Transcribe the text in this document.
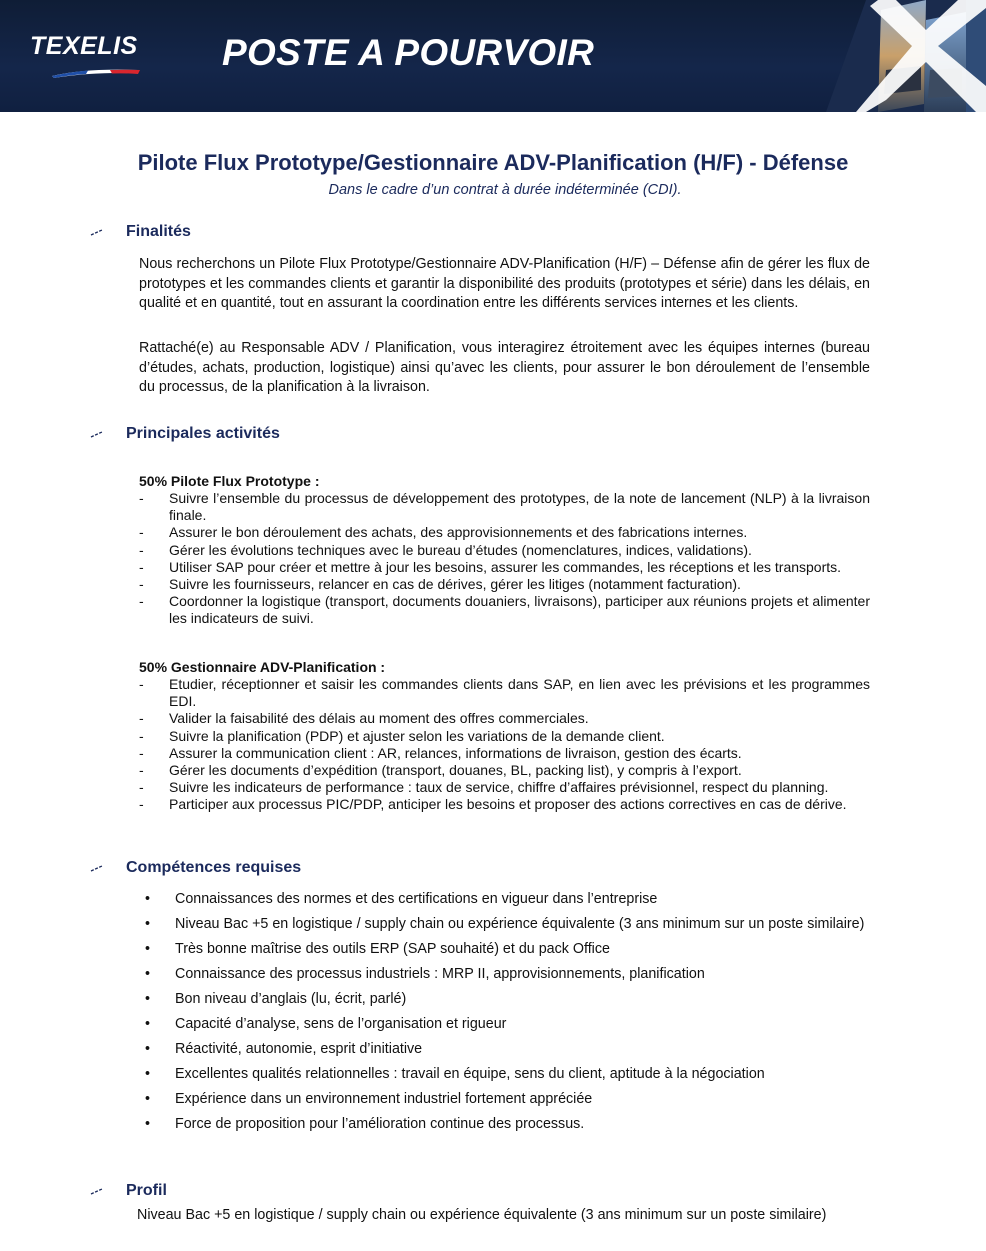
TEXELIS	POSTE A POURVOIR
Pilote Flux Prototype/Gestionnaire ADV-Planification (H/F) - Défense
Dans le cadre d’un contrat à durée indéterminée (CDI).
Finalités
Nous recherchons un Pilote Flux Prototype/Gestionnaire ADV-Planification (H/F) – Défense afin de gérer les flux de prototypes et les commandes clients et garantir la disponibilité des produits (prototypes et série) dans les délais, en qualité et en quantité, tout en assurant la coordination entre les différents services internes et les clients.
Rattaché(e) au Responsable ADV / Planification, vous interagirez étroitement avec les équipes internes (bureau d’études, achats, production, logistique) ainsi qu’avec les clients, pour assurer le bon déroulement de l’ensemble du processus, de la planification à la livraison.
Principales activités
50% Pilote Flux Prototype :
- Suivre l’ensemble du processus de développement des prototypes, de la note de lancement (NLP) à la livraison finale.
- Assurer le bon déroulement des achats, des approvisionnements et des fabrications internes.
- Gérer les évolutions techniques avec le bureau d’études (nomenclatures, indices, validations).
- Utiliser SAP pour créer et mettre à jour les besoins, assurer les commandes, les réceptions et les transports.
- Suivre les fournisseurs, relancer en cas de dérives, gérer les litiges (notamment facturation).
- Coordonner la logistique (transport, documents douaniers, livraisons), participer aux réunions projets et alimenter les indicateurs de suivi.
50% Gestionnaire ADV-Planification :
- Etudier, réceptionner et saisir les commandes clients dans SAP, en lien avec les prévisions et les programmes EDI.
- Valider la faisabilité des délais au moment des offres commerciales.
- Suivre la planification (PDP) et ajuster selon les variations de la demande client.
- Assurer la communication client : AR, relances, informations de livraison, gestion des écarts.
- Gérer les documents d’expédition (transport, douanes, BL, packing list), y compris à l’export.
- Suivre les indicateurs de performance : taux de service, chiffre d’affaires prévisionnel, respect du planning.
- Participer aux processus PIC/PDP, anticiper les besoins et proposer des actions correctives en cas de dérive.
Compétences requises
• Connaissances des normes et des certifications en vigueur dans l’entreprise
• Niveau Bac +5 en logistique / supply chain ou expérience équivalente (3 ans minimum sur un poste similaire)
• Très bonne maîtrise des outils ERP (SAP souhaité) et du pack Office
• Connaissance des processus industriels : MRP II, approvisionnements, planification
• Bon niveau d’anglais (lu, écrit, parlé)
• Capacité d’analyse, sens de l’organisation et rigueur
• Réactivité, autonomie, esprit d’initiative
• Excellentes qualités relationnelles : travail en équipe, sens du client, aptitude à la négociation
• Expérience dans un environnement industriel fortement appréciée
• Force de proposition pour l’amélioration continue des processus.
Profil
Niveau Bac +5 en logistique / supply chain ou expérience équivalente (3 ans minimum sur un poste similaire)
